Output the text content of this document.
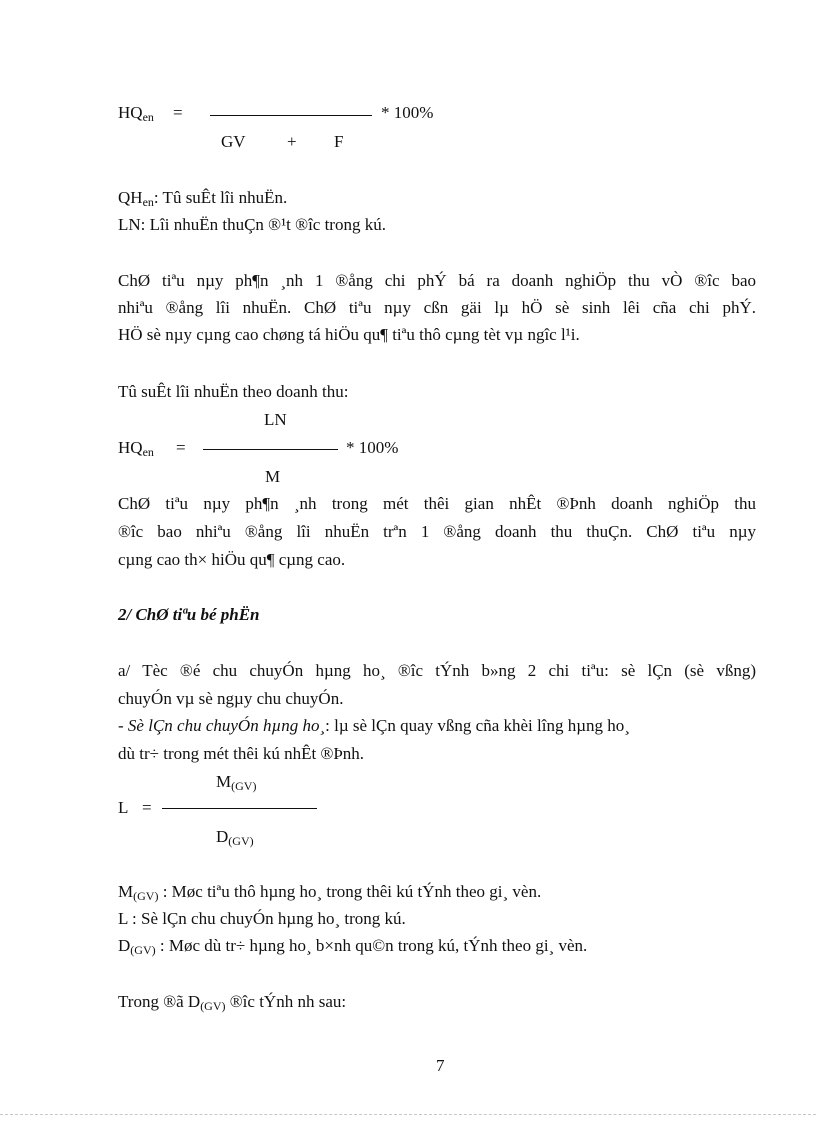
$HQ_{en}$ =	* 100%
GV + F
$QH_{en}$: Tû suÊt lîi nhuËn.
LN: Lîi nhuËn thuÇn ®¹t ®îc trong kú.
ChØ tiªu nµy ph¶n ¸nh 1 ®ång chi phÝ bá ra doanh nghiÖp thu vÒ ®îc bao
nhiªu ®ång lîi nhuËn. ChØ tiªu nµy cßn gäi lµ hÖ sè sinh lêi cña chi phÝ.
HÖ sè nµy cµng cao chøng tá hiÖu qu¶ tiªu thô cµng tèt vµ ngîc l¹i.
Tû suÊt lîi nhuËn theo doanh thu:
LN
$HQ_{en}$ =	* 100%
M
ChØ tiªu nµy ph¶n ¸nh trong mét thêi gian nhÊt ®Þnh doanh nghiÖp thu
®îc bao nhiªu ®ång lîi nhuËn trªn 1 ®ång doanh thu thuÇn. ChØ tiªu nµy
cµng cao th× hiÖu qu¶ cµng cao.
2/ ChØ tiªu bé phËn
a/ Tèc ®é chu chuyÓn hµng ho¸ ®îc tÝnh b»ng 2 chi tiªu: sè lÇn (sè vßng)
chuyÓn vµ sè ngµy chu chuyÓn.
- Sè lÇn chu chuyÓn hµng ho¸: lµ sè lÇn quay vßng cña khèi lîng hµng ho¸
dù tr÷ trong mét thêi kú nhÊt ®Þnh.
$M_{(GV)}$
L =
$D_{(GV)}$
$M_{(GV)}$ : Møc tiªu thô hµng ho¸ trong thêi kú tÝnh theo gi¸ vèn.
L : Sè lÇn chu chuyÓn hµng ho¸ trong kú.
$D_{(GV)}$ : Møc dù tr÷ hµng ho¸ b×nh qu©n trong kú, tÝnh theo gi¸ vèn.
Trong ®ã $D_{(GV)}$ ®îc tÝnh nh sau:
7
